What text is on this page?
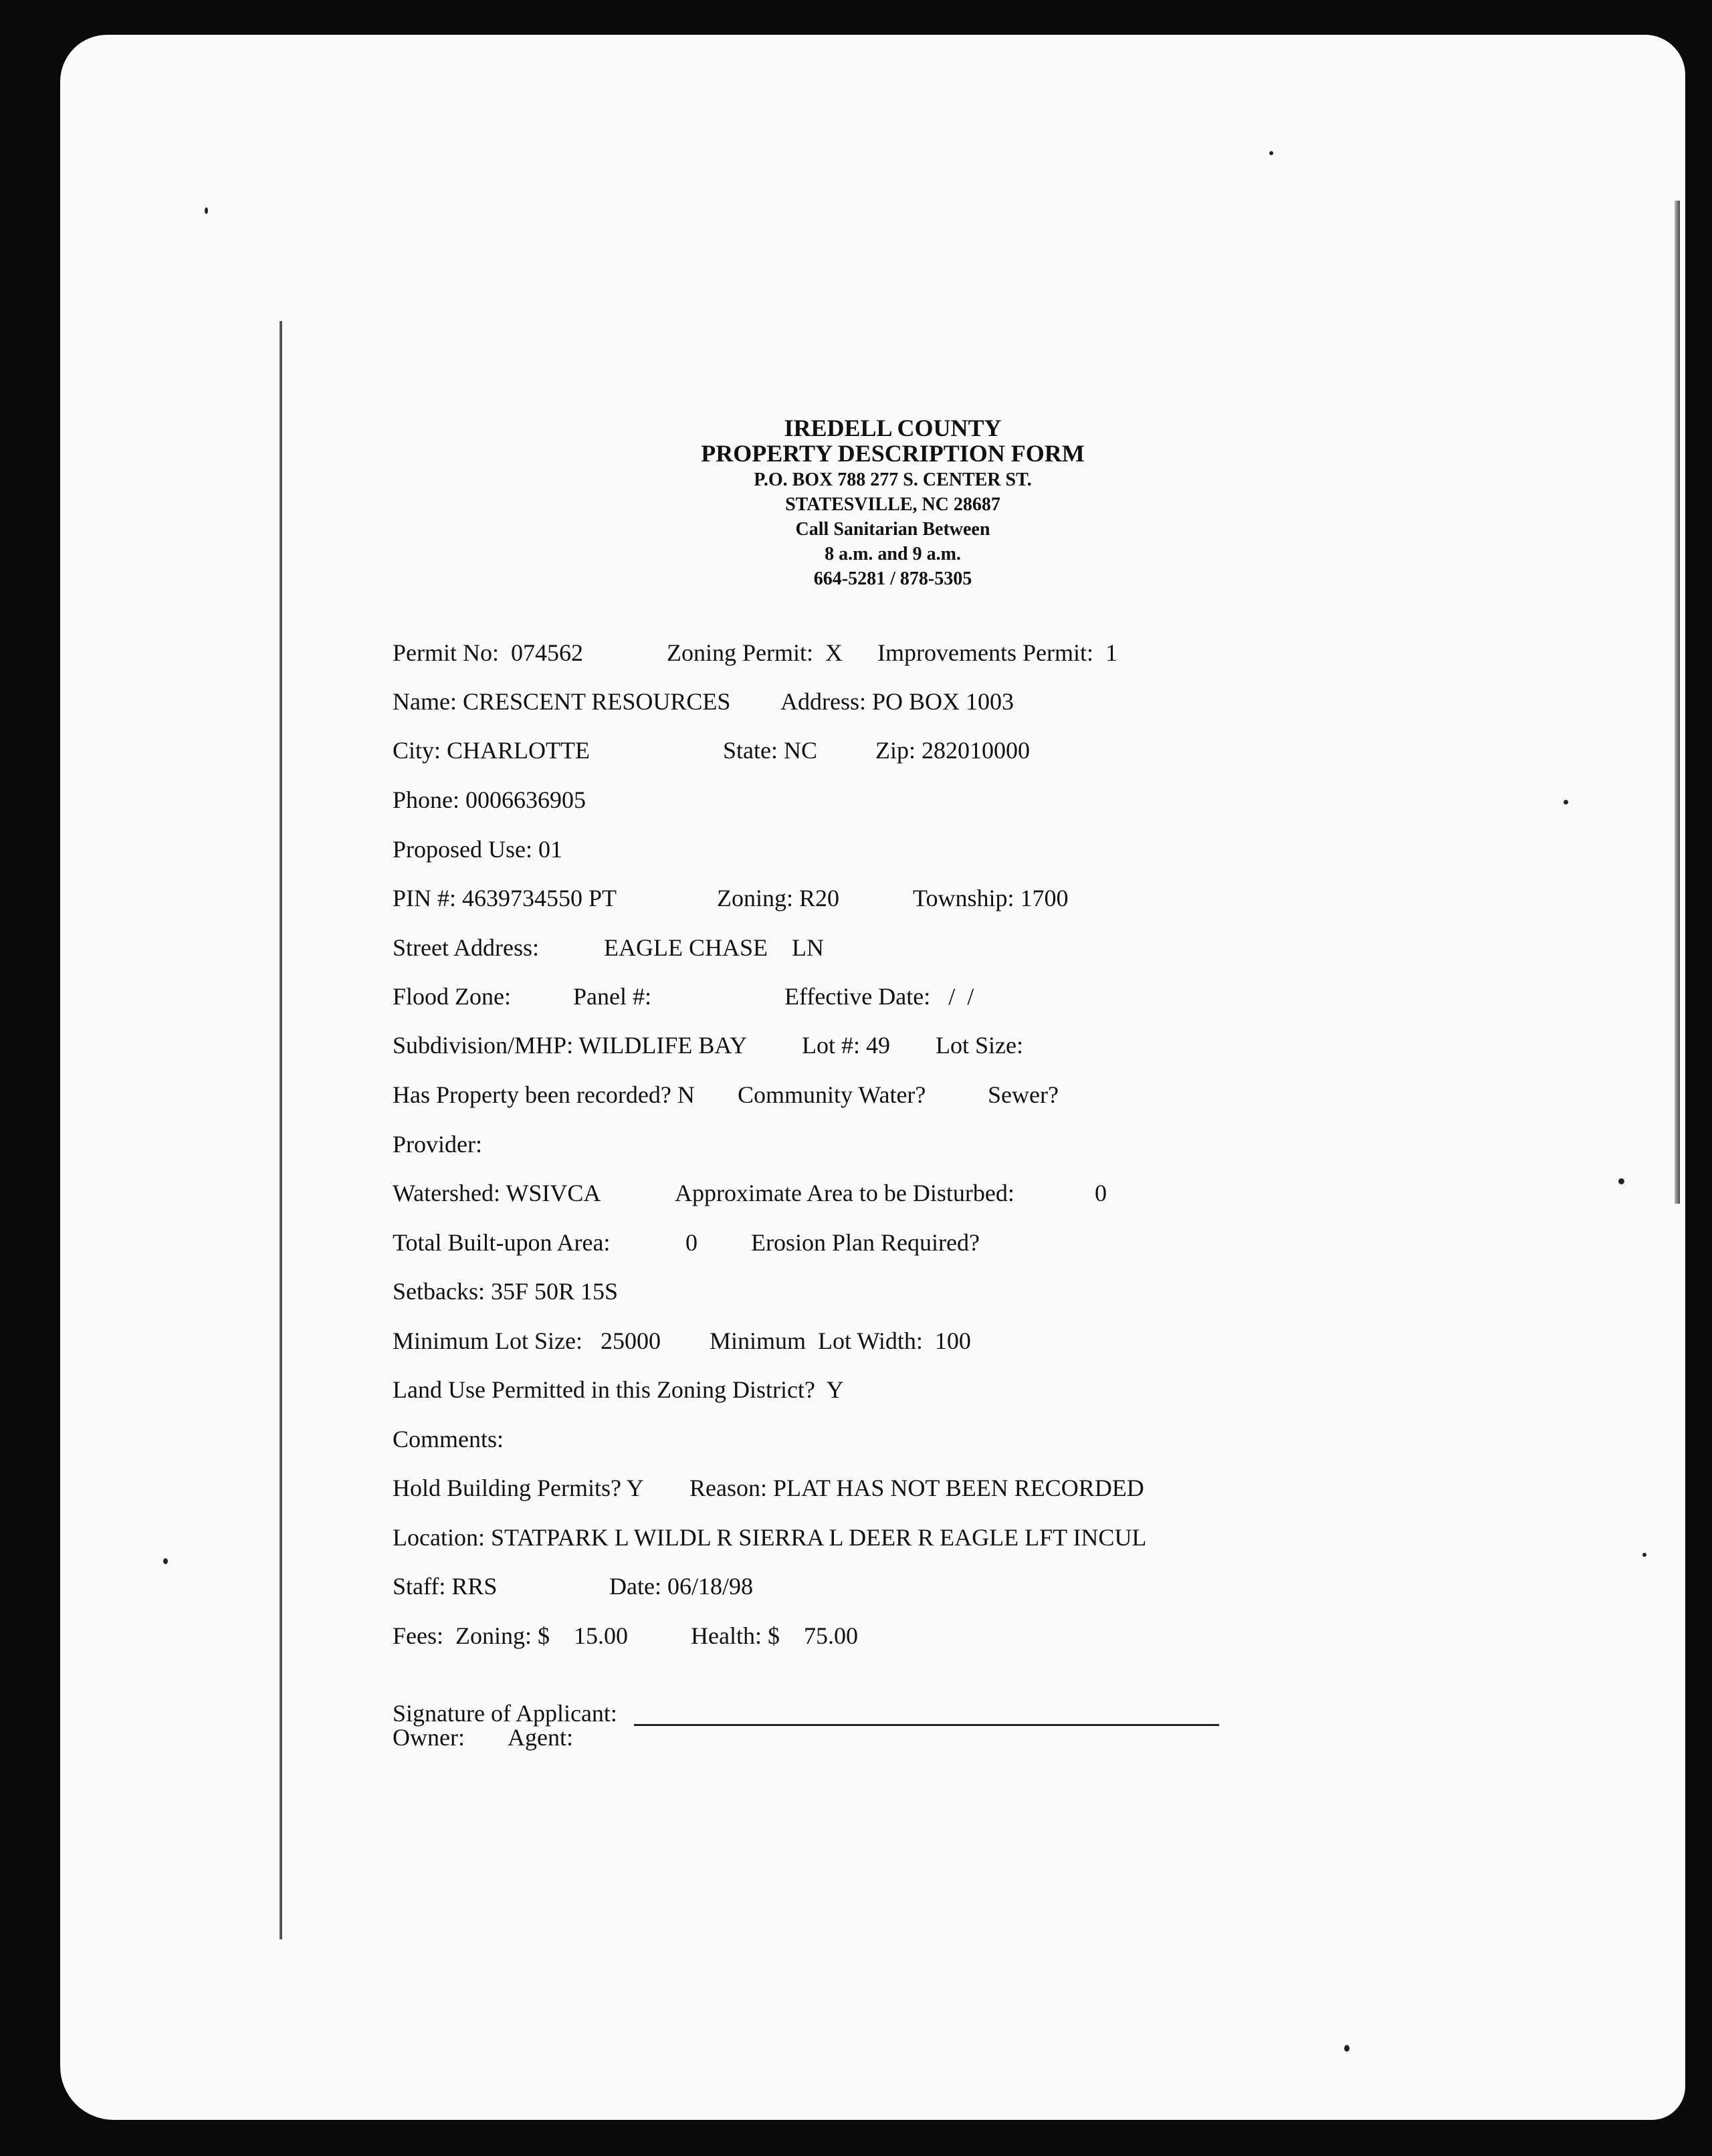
IREDELL COUNTY
PROPERTY DESCRIPTION FORM
P.O. BOX 788 277 S. CENTER ST.
STATESVILLE, NC 28687
Call Sanitarian Between
8 a.m. and 9 a.m.
664-5281 / 878-5305
Permit No:  074562	Zoning Permit:  X Improvements Permit:  1
Name: CRESCENT RESOURCES Address: PO BOX 1003
City: CHARLOTTE	State: NC Zip: 282010000
Phone: 0006636905
Proposed Use: 01
PIN #: 4639734550 PT	Zoning: R20	Township: 1700
Street Address:	EAGLE CHASE    LN
Flood Zone:	Panel #:	Effective Date:   /  /
Subdivision/MHP: WILDLIFE BAY Lot #: 49 Lot Size:
Has Property been recorded? N Community Water?	Sewer?
Provider:
Watershed: WSIVCA	Approximate Area to be Disturbed:	0
Total Built-upon Area:	0 Erosion Plan Required?
Setbacks: 35F 50R 15S
Minimum Lot Size:   25000 Minimum  Lot Width:  100
Land Use Permitted in this Zoning District?  Y
Comments:
Hold Building Permits? Y Reason: PLAT HAS NOT BEEN RECORDED
Location: STATPARK L WILDL R SIERRA L DEER R EAGLE LFT INCUL
Staff: RRS	Date: 06/18/98
Fees:  Zoning: $    15.00	Health: $    75.00
Signature of Applicant:
Owner: Agent:
